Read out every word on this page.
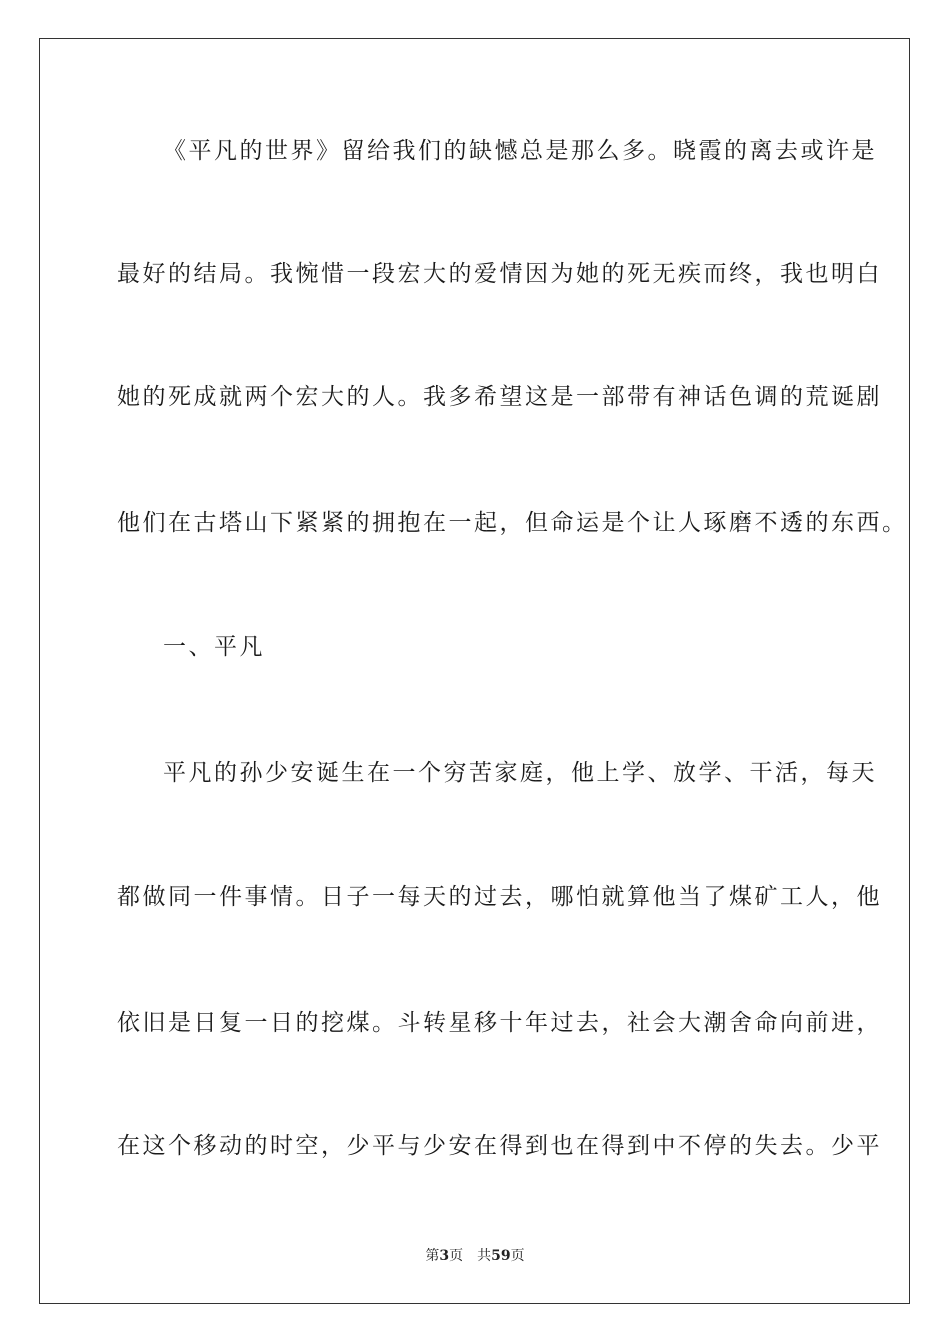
《平凡的世界》留给我们的缺憾总是那么多。晓霞的离去或许是

最好的结局。我惋惜一段宏大的爱情因为她的死无疾而终，我也明白

她的死成就两个宏大的人。我多希望这是一部带有神话色调的荒诞剧

他们在古塔山下紧紧的拥抱在一起，但命运是个让人琢磨不透的东西。

一、平凡

平凡的孙少安诞生在一个穷苦家庭，他上学、放学、干活，每天

都做同一件事情。日子一每天的过去，哪怕就算他当了煤矿工人，他

依旧是日复一日的挖煤。斗转星移十年过去，社会大潮舍命向前进，

在这个移动的时空，少平与少安在得到也在得到中不停的失去。少平

第3页 共59页
